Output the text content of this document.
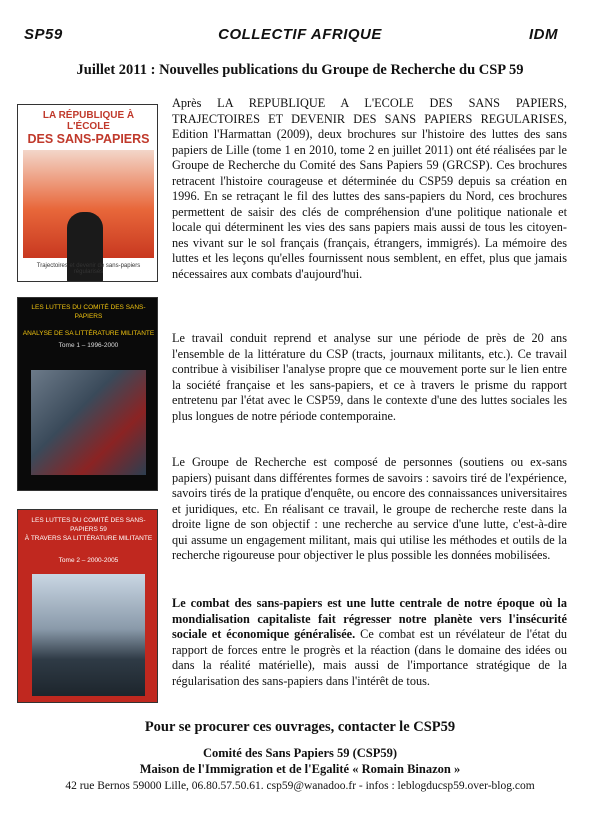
SP59	COLLECTIF AFRIQUE	IDM
Juillet 2011 : Nouvelles publications du Groupe de Recherche du CSP 59
LA RÉPUBLIQUE À L'ÉCOLE
DES SANS-PAPIERS
Trajectoires et devenir de sans-papiers régularisés
LES LUTTES DU COMITÉ DES SANS-PAPIERS
ANALYSE DE SA LITTÉRATURE MILITANTE
Tome 1 – 1996-2000
LES LUTTES DU COMITÉ DES SANS-PAPIERS 59
À TRAVERS SA LITTÉRATURE MILITANTE
Tome 2 – 2000-2005

Après LA REPUBLIQUE A L'ECOLE DES SANS PAPIERS, TRAJECTOIRES ET DEVENIR DES SANS PAPIERS REGULARISES, Edition l'Harmattan (2009), deux brochures sur l'histoire des luttes des sans papiers de Lille (tome 1 en 2010, tome 2 en juillet 2011) ont été réalisées par le Groupe de Recherche du Comité des Sans Papiers 59 (GRCSP). Ces brochures retracent l'histoire courageuse et déterminée du CSP59 depuis sa création en 1996. En se retraçant le fil des luttes des sans-papiers du Nord, ces brochures permettent de saisir des clés de compréhension d'une politique nationale et locale qui déterminent les vies des sans papiers mais aussi de tous les citoyen-nes vivant sur le sol français (français, étrangers, immigrés). La mémoire des luttes et les leçons qu'elles fournissent nous semblent, en effet, plus que jamais nécessaires aux combats d'aujourd'hui.

Le travail conduit reprend et analyse sur une période de près de 20 ans l'ensemble de la littérature du CSP (tracts, journaux militants, etc.). Ce travail contribue à visibiliser l'analyse propre que ce mouvement porte sur le lien entre la société française et les sans-papiers, et ce à travers le prisme du rapport entretenu par l'état avec le CSP59, dans le contexte d'une des luttes sociales les plus longues de notre période contemporaine.

Le Groupe de Recherche est composé de personnes (soutiens ou ex-sans papiers) puisant dans différentes formes de savoirs : savoirs tiré de l'expérience, savoirs tirés de la pratique d'enquête, ou encore des connaissances universitaires et juridiques, etc. En réalisant ce travail, le groupe de recherche reste dans la droite ligne de son objectif : une recherche au service d'une lutte, c'est-à-dire qui assume un engagement militant, mais qui utilise les méthodes et outils de la recherche rigoureuse pour objectiver le plus possible les données mobilisées.

Le combat des sans-papiers est une lutte centrale de notre époque où la mondialisation capitaliste fait régresser notre planète vers l'insécurité sociale et économique généralisée. Ce combat est un révélateur de l'état du rapport de forces entre le progrès et la réaction (dans le domaine des idées ou dans la réalité matérielle), mais aussi de l'importance stratégique de la régularisation des sans-papiers dans l'intérêt de tous.

Pour se procurer ces ouvrages, contacter le CSP59
Comité des Sans Papiers 59 (CSP59)
Maison de l'Immigration et de l'Egalité « Romain Binazon »
42 rue Bernos 59000 Lille, 06.80.57.50.61. csp59@wanadoo.fr - infos : leblogducsp59.over-blog.com
